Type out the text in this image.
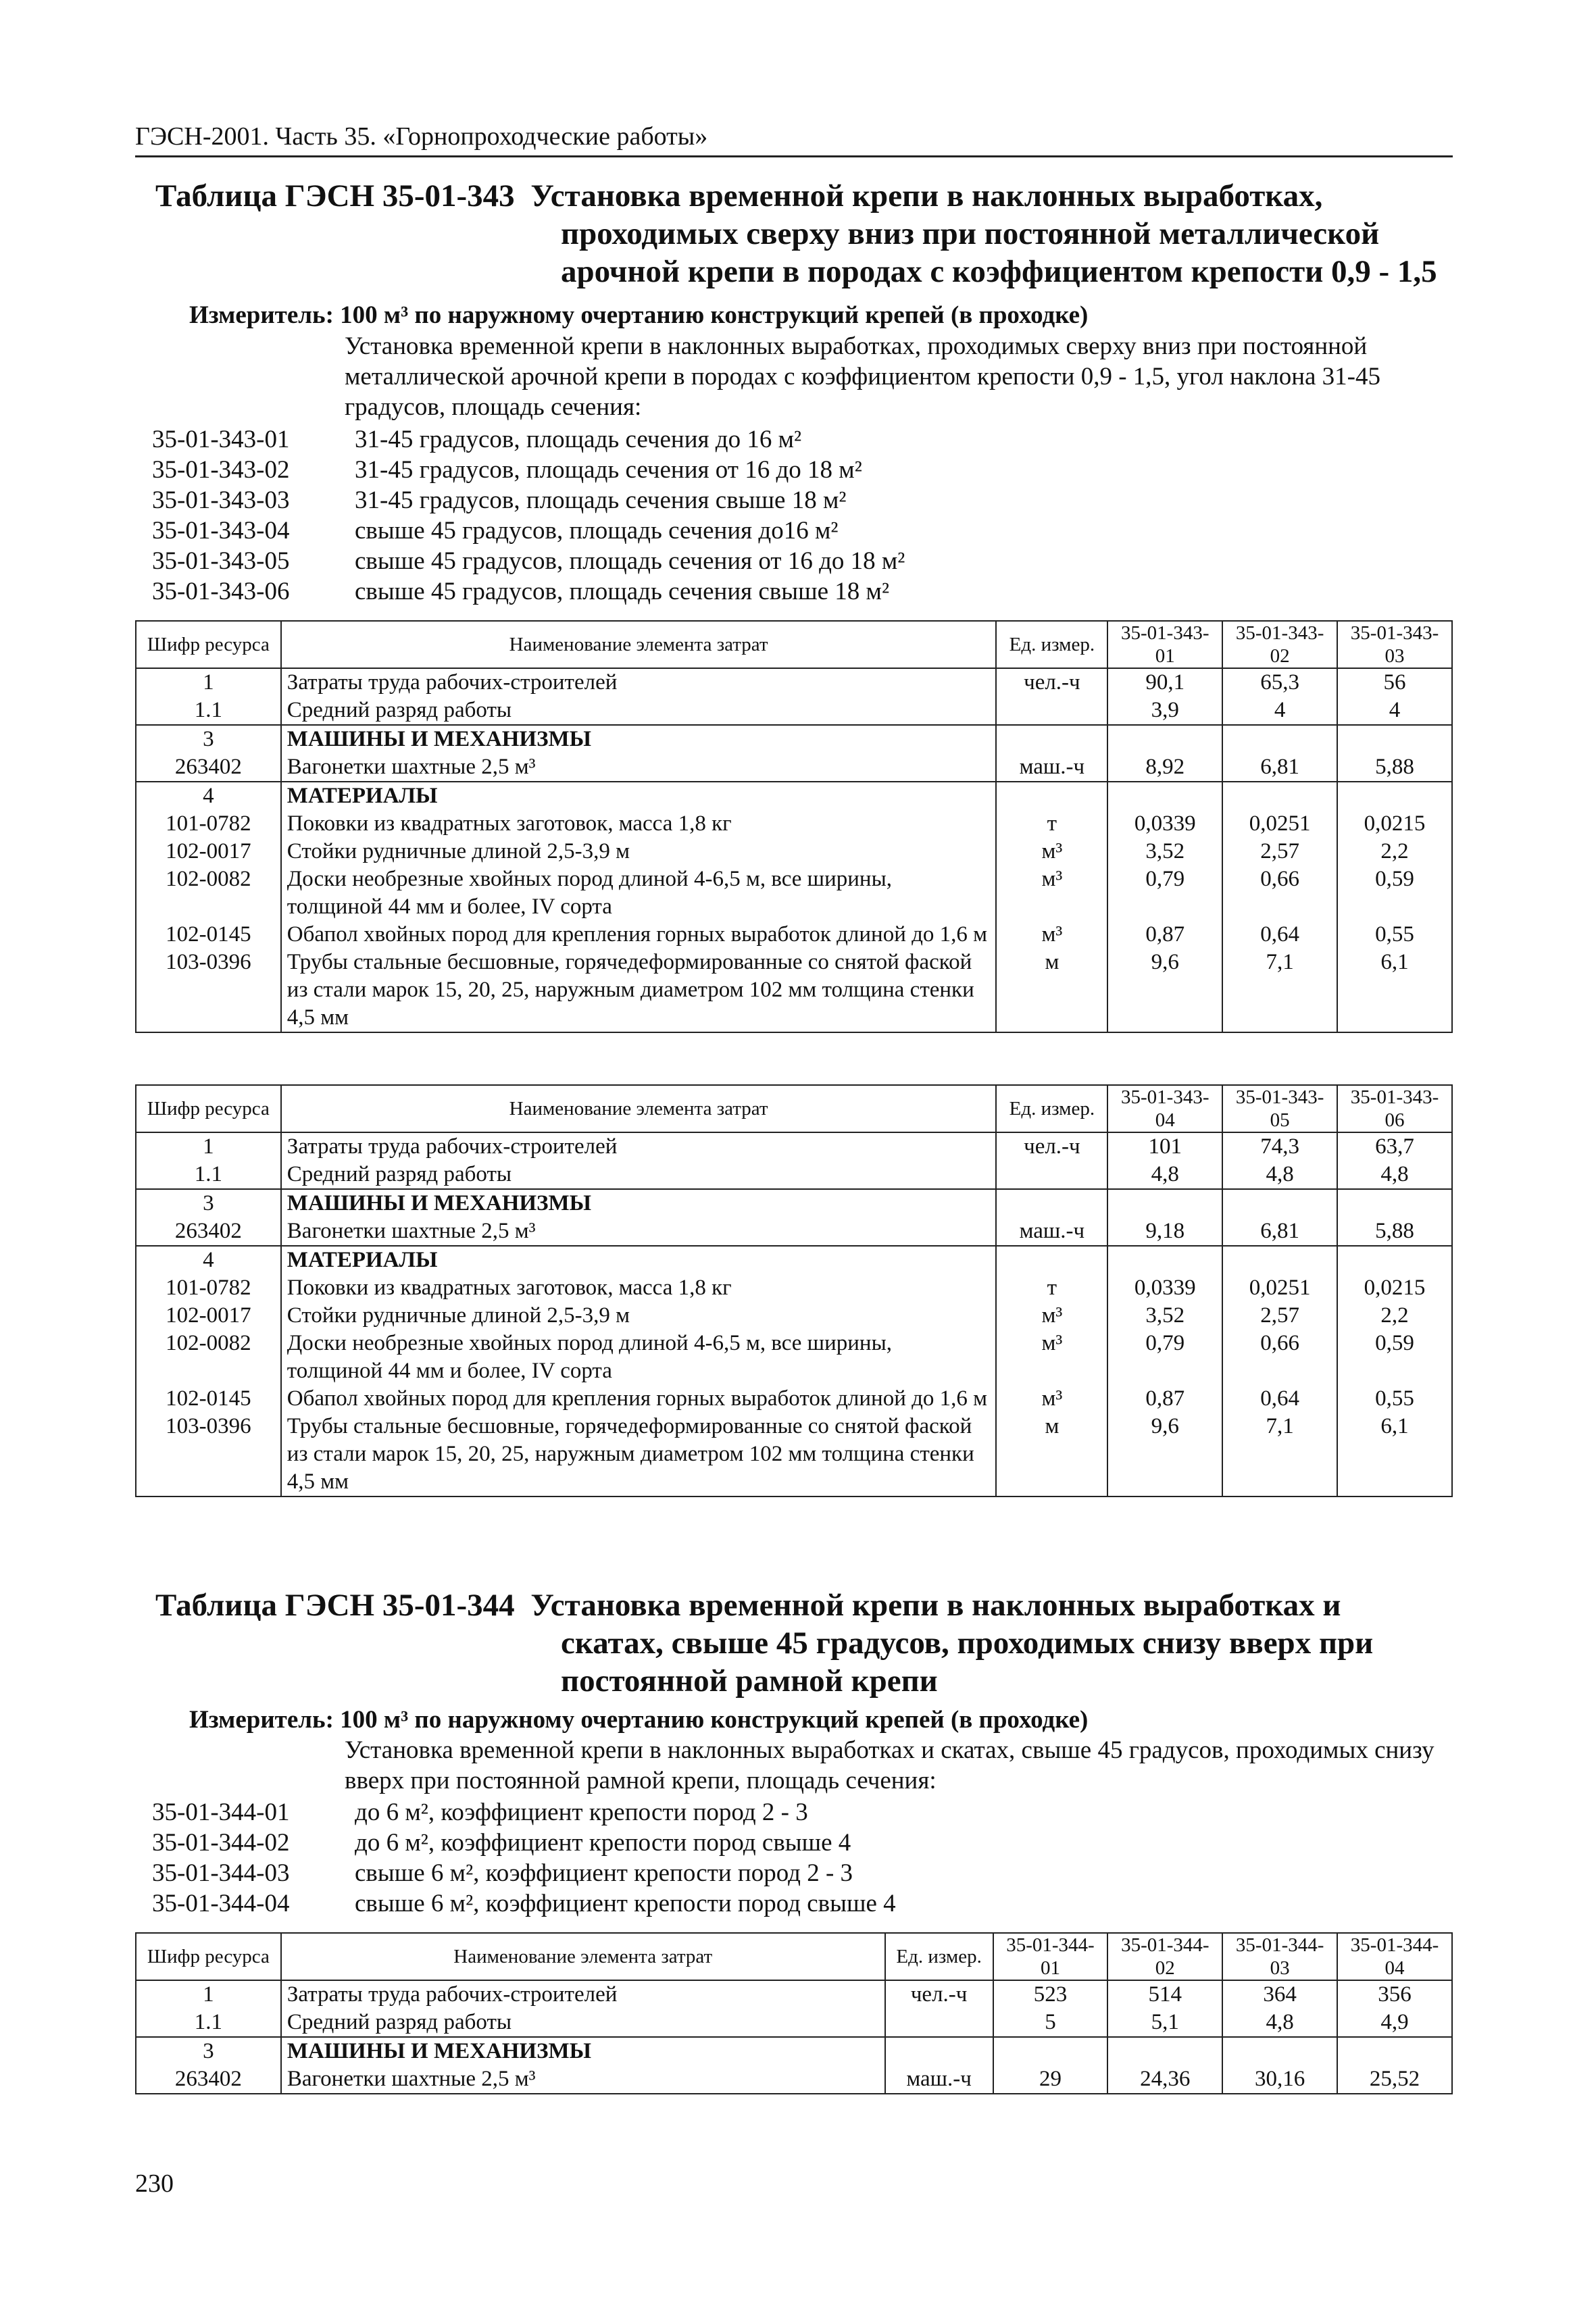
ГЭСН-2001. Часть 35. «Горнопроходческие работы»
Таблица ГЭСН 35-01-343 Установка временной крепи в наклонных выработках, проходимых сверху вниз при постоянной металлической арочной крепи в породах с коэффициентом крепости 0,9 - 1,5
Измеритель: 100 м³ по наружному очертанию конструкций крепей (в проходке)
Установка временной крепи в наклонных выработках, проходимых сверху вниз при постоянной металлической арочной крепи в породах с коэффициентом крепости 0,9 - 1,5, угол наклона 31-45 градусов, площадь сечения:
35-01-343-01	31-45 градусов, площадь сечения до 16 м²
35-01-343-02	31-45 градусов, площадь сечения от 16 до 18 м²
35-01-343-03	31-45 градусов, площадь сечения свыше 18 м²
35-01-343-04	свыше 45 градусов, площадь сечения до16 м²
35-01-343-05	свыше 45 градусов, площадь сечения от 16 до 18 м²
35-01-343-06	свыше 45 градусов, площадь сечения свыше 18 м²
Шифр ресурса	Наименование элемента затрат	Ед. измер.	35-01-343-01	35-01-343-02	35-01-343-03
1	Затраты труда рабочих-строителей	чел.-ч	90,1	65,3	56
1.1	Средний разряд работы		3,9	4	4
3	МАШИНЫ И МЕХАНИЗМЫ				
263402	Вагонетки шахтные 2,5 м³	маш.-ч	8,92	6,81	5,88
4	МАТЕРИАЛЫ				
101-0782	Поковки из квадратных заготовок, масса 1,8 кг	т	0,0339	0,0251	0,0215
102-0017	Стойки рудничные длиной 2,5-3,9 м	м³	3,52	2,57	2,2
102-0082	Доски необрезные хвойных пород длиной 4-6,5 м, все ширины, толщиной 44 мм и более, IV сорта	м³	0,79	0,66	0,59
102-0145	Обапол хвойных пород для крепления горных выработок длиной до 1,6 м	м³	0,87	0,64	0,55
103-0396	Трубы стальные бесшовные, горячедеформированные со снятой фаской из стали марок 15, 20, 25, наружным диаметром 102 мм толщина стенки 4,5 мм	м	9,6	7,1	6,1
Шифр ресурса	Наименование элемента затрат	Ед. измер.	35-01-343-04	35-01-343-05	35-01-343-06
1	Затраты труда рабочих-строителей	чел.-ч	101	74,3	63,7
1.1	Средний разряд работы		4,8	4,8	4,8
3	МАШИНЫ И МЕХАНИЗМЫ				
263402	Вагонетки шахтные 2,5 м³	маш.-ч	9,18	6,81	5,88
4	МАТЕРИАЛЫ				
101-0782	Поковки из квадратных заготовок, масса 1,8 кг	т	0,0339	0,0251	0,0215
102-0017	Стойки рудничные длиной 2,5-3,9 м	м³	3,52	2,57	2,2
102-0082	Доски необрезные хвойных пород длиной 4-6,5 м, все ширины, толщиной 44 мм и более, IV сорта	м³	0,79	0,66	0,59
102-0145	Обапол хвойных пород для крепления горных выработок длиной до 1,6 м	м³	0,87	0,64	0,55
103-0396	Трубы стальные бесшовные, горячедеформированные со снятой фаской из стали марок 15, 20, 25, наружным диаметром 102 мм толщина стенки 4,5 мм	м	9,6	7,1	6,1
Таблица ГЭСН 35-01-344 Установка временной крепи в наклонных выработках и скатах, свыше 45 градусов, проходимых снизу вверх при постоянной рамной крепи
Измеритель: 100 м³ по наружному очертанию конструкций крепей (в проходке)
Установка временной крепи в наклонных выработках и скатах, свыше 45 градусов, проходимых снизу вверх при постоянной рамной крепи, площадь сечения:
35-01-344-01	до 6 м², коэффициент крепости пород 2 - 3
35-01-344-02	до 6 м², коэффициент крепости пород свыше 4
35-01-344-03	свыше 6 м², коэффициент крепости пород 2 - 3
35-01-344-04	свыше 6 м², коэффициент крепости пород свыше 4
Шифр ресурса	Наименование элемента затрат	Ед. измер.	35-01-344-01	35-01-344-02	35-01-344-03	35-01-344-04
1	Затраты труда рабочих-строителей	чел.-ч	523	514	364	356
1.1	Средний разряд работы		5	5,1	4,8	4,9
3	МАШИНЫ И МЕХАНИЗМЫ					
263402	Вагонетки шахтные 2,5 м³	маш.-ч	29	24,36	30,16	25,52
230
